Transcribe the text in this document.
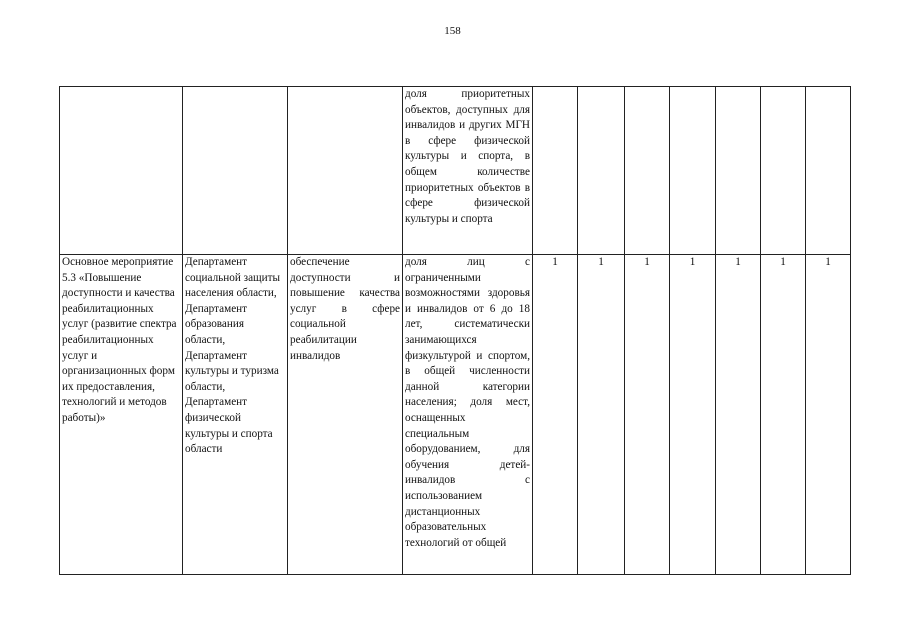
158

			доля приоритетных объектов, доступных для инвалидов и других МГН в сфере физической культуры и спорта, в общем количестве приоритетных объектов в сфере физической культуры и спорта							

Основное мероприятие 5.3 «Повышение доступности и качества реабилитационных услуг (развитие спектра реабилитационных услуг и организационных форм их предоставления, технологий и методов работы)»	Департамент социальной защиты населения области, Департамент образования области, Департамент культуры и туризма области, Департамент физической культуры и спорта области	обеспечение доступности и повышение качества услуг в сфере социальной реабилитации инвалидов	доля лиц с ограниченными возможностями здоровья и инвалидов от 6 до 18 лет, систематически занимающихся физкультурой и спортом, в общей численности данной категории населения; доля мест, оснащенных специальным оборудованием, для обучения детей-инвалидов с использованием дистанционных образовательных технологий от общей	1	1	1	1	1	1	1
